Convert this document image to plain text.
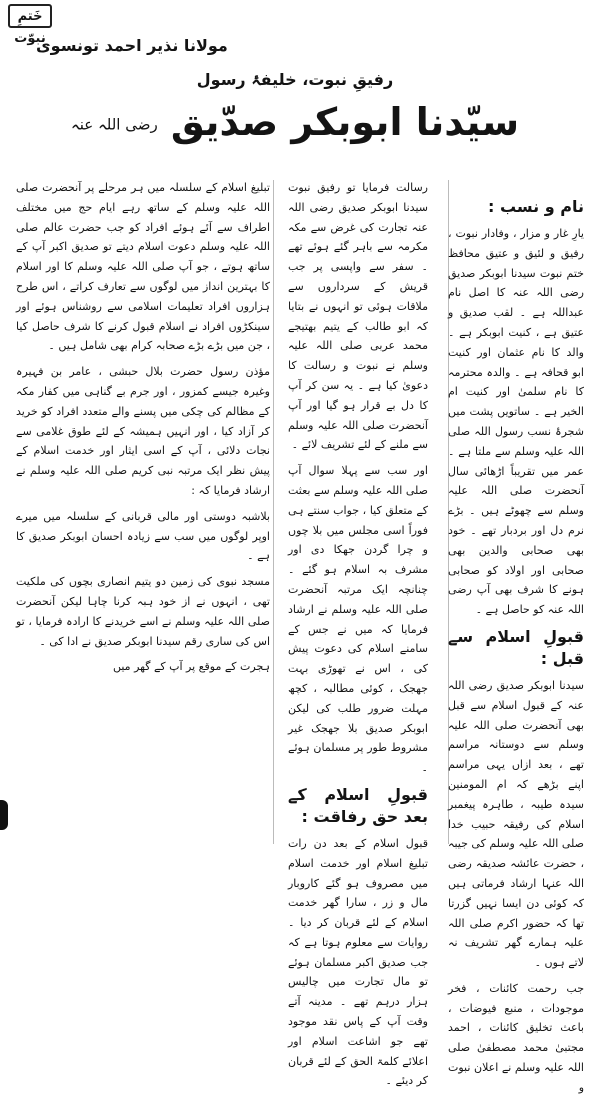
خَتمِ نبوّت
مولانا نذیر احمد تونسوی
رفیقِ نبوت، خلیفۂ رسول
سیّدنا ابوبکر صدّیق رضی اللہ عنہ

نام و نسب :

یارِ غار و مزار ، وفادار نبوت ، رفیق و لئیق و عتیق محافظ ختم نبوت سیدنا ابوبکر صدیق رضی اللہ عنہ کا اصل نام عبداللہ ہے ۔ لقب صدیق و عتیق ہے ، کنیت ابوبکر ہے ۔ والد کا نام عثمان اور کنیت ابو قحافہ ہے ۔ والدہ محترمہ کا نام سلمیٰ اور کنیت ام الخیر ہے ۔ ساتویں پشت میں شجرۂ نسب رسول اللہ صلی اللہ علیہ وسلم سے ملتا ہے ۔ عمر میں تقریباً اڑھائی سال آنحضرت صلی اللہ علیہ وسلم سے چھوٹے ہیں ۔ بڑے نرم دل اور بردبار تھے ۔ خود بھی صحابی والدین بھی صحابی اور اولاد کو صحابی ہونے کا شرف بھی آپ رضی اللہ عنہ کو حاصل ہے ۔

قبولِ اسلام سے قبل :

سیدنا ابوبکر صدیق رضی اللہ عنہ کے قبول اسلام سے قبل بھی آنحضرت صلی اللہ علیہ وسلم سے دوستانہ مراسم تھے ، بعد ازاں یہی مراسم اپنے بڑھے کہ ام المومنین سیدہ طیبہ ، طاہرہ پیغمبر اسلام کی رفیقہ حبیب خدا صلی اللہ علیہ وسلم کی جیبہ ، حضرت عائشہ صدیقہ رضی اللہ عنہا ارشاد فرماتی ہیں کہ کوئی دن ایسا نہیں گزرتا تھا کہ حضور اکرم صلی اللہ علیہ ہمارے گھر تشریف نہ لاتے ہوں ۔

جب رحمت کائنات ، فخر موجودات ، منبع فیوضات ، باعث تخلیق کائنات ، احمد مجتبیٰ محمد مصطفیٰ صلی اللہ علیہ وسلم نے اعلان نبوت و

رسالت فرمایا تو رفیق نبوت سیدنا ابوبکر صدیق رضی اللہ عنہ تجارت کی غرض سے مکہ مکرمہ سے باہر گئے ہوئے تھے ۔ سفر سے واپسی پر جب قریش کے سرداروں سے ملاقات ہوئی تو انہوں نے بتایا کہ ابو طالب کے یتیم بھتیجے محمد عربی صلی اللہ علیہ وسلم نے نبوت و رسالت کا دعویٰ کیا ہے ۔ یہ سن کر آپ کا دل بے قرار ہو گیا اور آپ آنحضرت صلی اللہ علیہ وسلم سے ملنے کے لئے تشریف لائے ۔

اور سب سے پہلا سوال آپ صلی اللہ علیہ وسلم سے بعثت کے متعلق کیا ، جواب سنتے ہی فوراً اسی مجلس میں بلا چوں و چرا گردن جھکا دی اور مشرف بہ اسلام ہو گئے ۔ چنانچہ ایک مرتبہ آنحضرت صلی اللہ علیہ وسلم نے ارشاد فرمایا کہ میں نے جس کے سامنے اسلام کی دعوت پیش کی ، اس نے تھوڑی بہت جھجک ، کوئی مطالبہ ، کچھ مہلت ضرور طلب کی لیکن ابوبکر صدیق بلا جھجک غیر مشروط طور پر مسلمان ہوئے ۔

قبولِ اسلام کے بعد حق رفاقت :

قبول اسلام کے بعد دن رات تبلیغ اسلام اور خدمت اسلام میں مصروف ہو گئے کاروبار مال و زر ، سارا گھر خدمت اسلام کے لئے قربان کر دیا ۔ روایات سے معلوم ہوتا ہے کہ جب صدیق اکبر مسلمان ہوئے تو مال تجارت میں چالیس ہزار درہم تھے ۔ مدینہ آتے وقت آپ کے پاس نقد موجود تھے جو اشاعت اسلام اور اعلائے کلمۃ الحق کے لئے قربان کر دیئے ۔

تبلیغ اسلام کے سلسلہ میں ہر مرحلے پر آنحضرت صلی اللہ علیہ وسلم کے ساتھ رہے ایام حج میں مختلف اطراف سے آئے ہوئے افراد کو جب حضرت عالم صلی اللہ علیہ وسلم دعوت اسلام دیتے تو صدیق اکبر آپ کے ساتھ ہوتے ، جو آپ صلی اللہ علیہ وسلم کا اور اسلام کا بہترین انداز میں لوگوں سے تعارف کراتے ، اس طرح ہزاروں افراد تعلیمات اسلامی سے روشناس ہوئے اور سینکڑوں افراد نے اسلام قبول کرنے کا شرف حاصل کیا ، جن میں بڑے بڑے صحابہ کرام بھی شامل ہیں ۔

مؤذن رسول حضرت بلال حبشی ، عامر بن فہیرہ وغیرہ جیسے کمزور ، اور جرم بے گناہی میں کفار مکہ کے مظالم کی چکی میں پسنے والے متعدد افراد کو خرید کر آزاد کیا ، اور انہیں ہمیشہ کے لئے طوق غلامی سے نجات دلائی ، آپ کے اسی ایثار اور خدمت اسلام کے پیش نظر ایک مرتبہ نبی کریم صلی اللہ علیہ وسلم نے ارشاد فرمایا کہ :

بلاشبہ دوستی اور مالی قربانی کے سلسلہ میں میرے اوپر لوگوں میں سب سے زیادہ احسان ابوبکر صدیق کا ہے ۔

مسجد نبوی کی زمین دو یتیم انصاری بچوں کی ملکیت تھی ، انہوں نے از خود ہبہ کرنا چاہا لیکن آنحضرت صلی اللہ علیہ وسلم نے اسے خریدنے کا ارادہ فرمایا ، تو اس کی ساری رقم سیدنا ابوبکر صدیق نے ادا کی ۔

ہجرت کے موقع پر آپ کے گھر میں
